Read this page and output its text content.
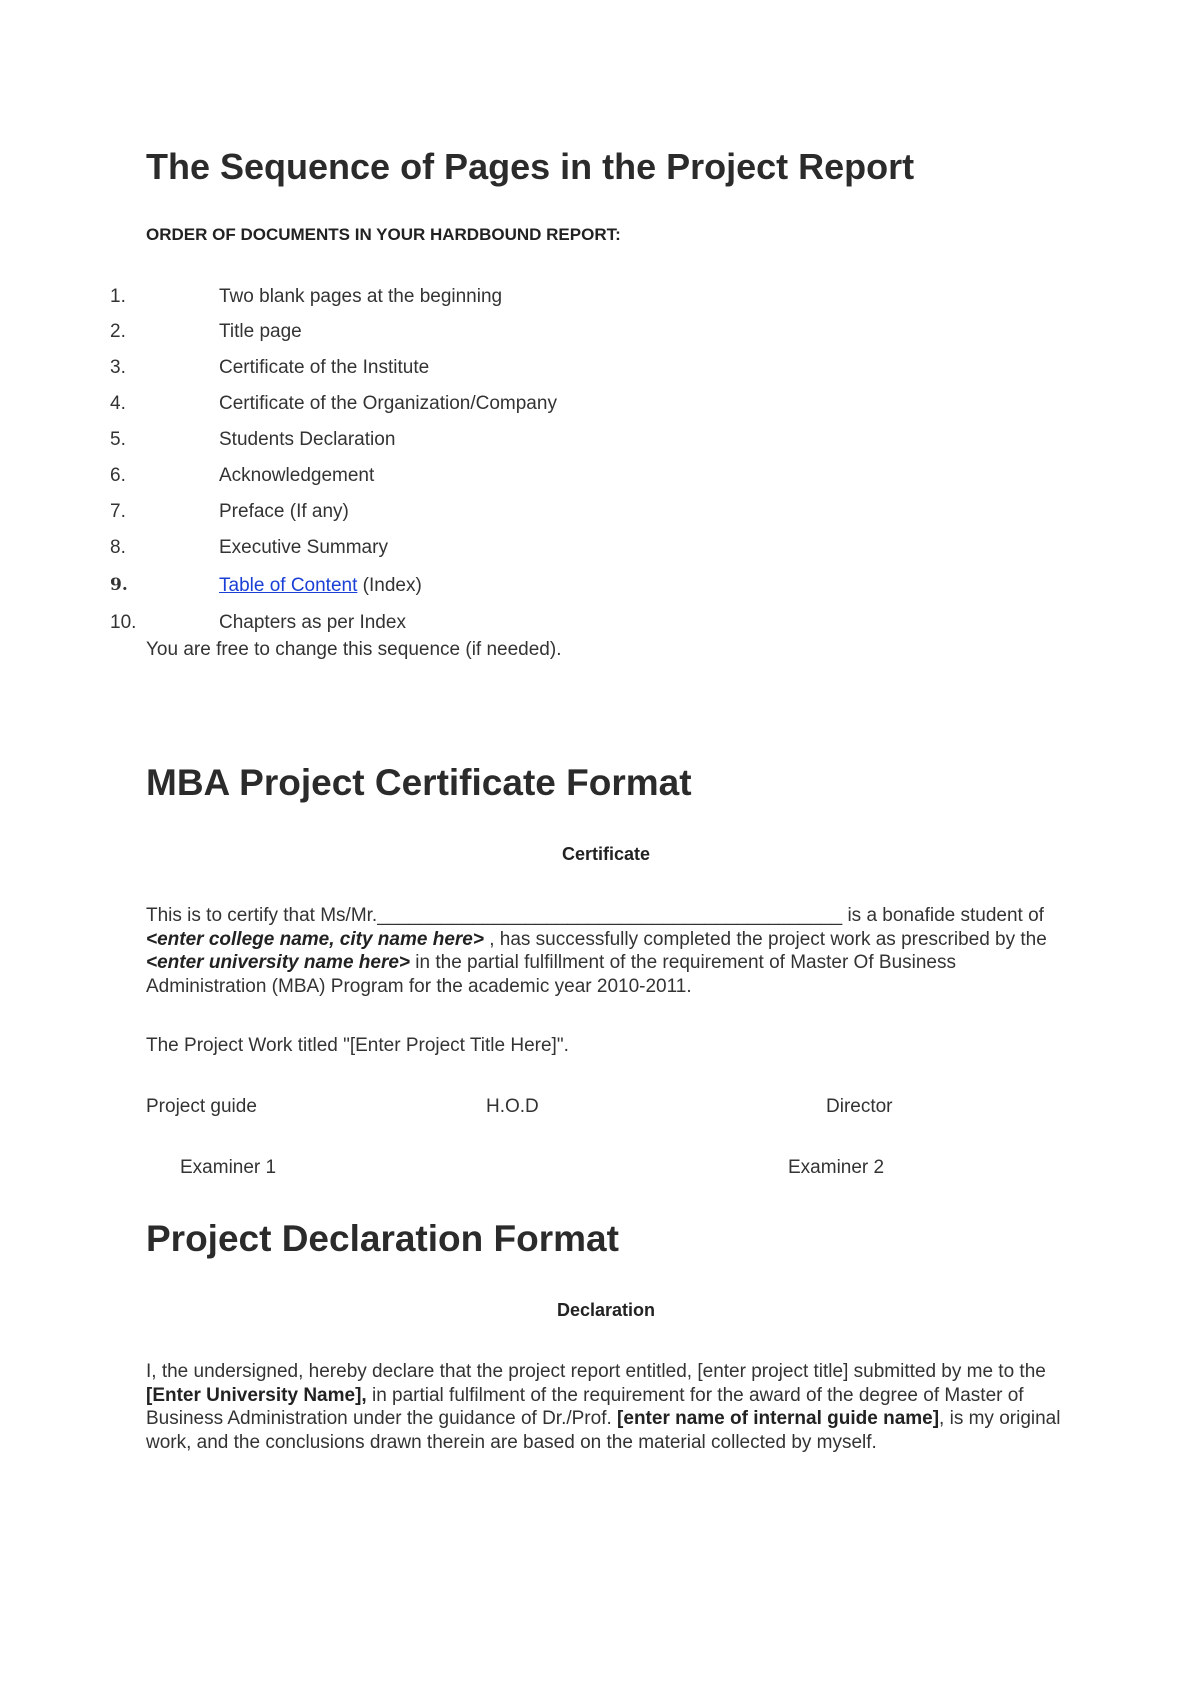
The Sequence of Pages in the Project Report
ORDER OF DOCUMENTS IN YOUR HARDBOUND REPORT:
1.	Two blank pages at the beginning
2.	Title page
3.	Certificate of the Institute
4.	Certificate of the Organization/Company
5.	Students Declaration
6.	Acknowledgement
7.	Preface (If any)
8.	Executive Summary
9.	Table of Content (Index)
10.	Chapters as per Index
You are free to change this sequence (if needed).
MBA Project Certificate Format
Certificate
This is to certify that Ms/Mr.____________________________________________ is a bonafide student of <enter college name, city name here> , has successfully completed the project work as prescribed by the <enter university name here> in the partial fulfillment of the requirement of Master Of Business Administration (MBA) Program for the academic year 2010-2011.
The Project Work titled "[Enter Project Title Here]".
Project guide	H.O.D	Director
Examiner 1	Examiner 2
Project Declaration Format
Declaration
I, the undersigned, hereby declare that the project report entitled, [enter project title] submitted by me to the [Enter University Name], in partial fulfilment of the requirement for the award of the degree of Master of Business Administration under the guidance of Dr./Prof. [enter name of internal guide name], is my original work, and the conclusions drawn therein are based on the material collected by myself.
